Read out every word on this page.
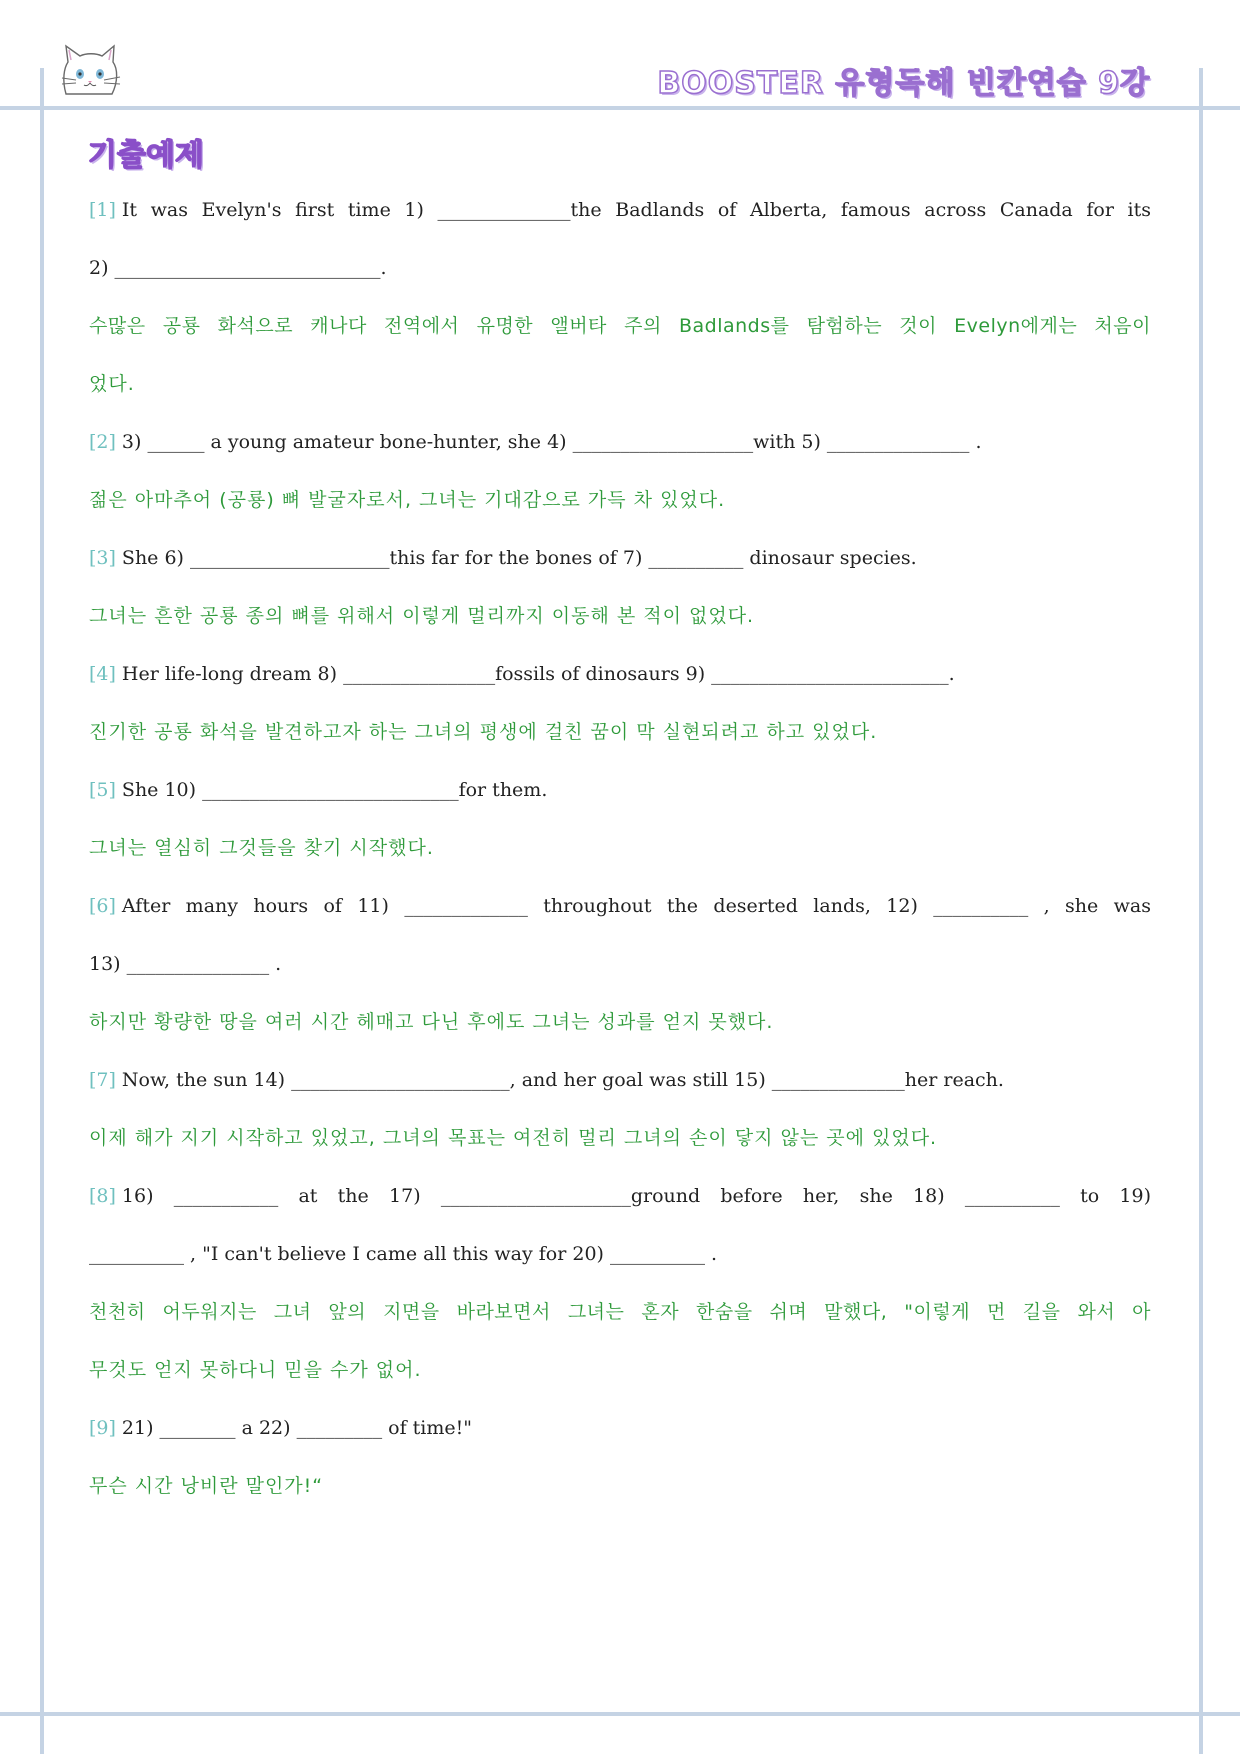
BOOSTER 유형독해 빈칸연습 9강
기출예제
[1] It was Evelyn's first time 1) ______________the Badlands of Alberta, famous across Canada for its
2) ____________________________.
수많은 공룡 화석으로 캐나다 전역에서 유명한 앨버타 주의 Badlands를 탐험하는 것이 Evelyn에게는 처음이
었다.
[2] 3) ______ a young amateur bone-hunter, she 4) ___________________with 5) _______________ .
젊은 아마추어 (공룡) 뼈 발굴자로서, 그녀는 기대감으로 가득 차 있었다.
[3] She 6) _____________________this far for the bones of 7) __________ dinosaur species.
그녀는 흔한 공룡 종의 뼈를 위해서 이렇게 멀리까지 이동해 본 적이 없었다.
[4] Her life-long dream 8) ________________fossils of dinosaurs 9) _________________________.
진기한 공룡 화석을 발견하고자 하는 그녀의 평생에 걸친 꿈이 막 실현되려고 하고 있었다.
[5] She 10) ___________________________for them.
그녀는 열심히 그것들을 찾기 시작했다.
[6] After many hours of 11) _____________ throughout the deserted lands, 12) __________ , she was
13) _______________ .
하지만 황량한 땅을 여러 시간 헤매고 다닌 후에도 그녀는 성과를 얻지 못했다.
[7] Now, the sun 14) _______________________, and her goal was still 15) ______________her reach.
이제 해가 지기 시작하고 있었고, 그녀의 목표는 여전히 멀리 그녀의 손이 닿지 않는 곳에 있었다.
[8] 16) ___________ at the 17) ____________________ground before her, she 18) __________ to 19)
__________ , "I can't believe I came all this way for 20) __________ .
천천히 어두워지는 그녀 앞의 지면을 바라보면서 그녀는 혼자 한숨을 쉬며 말했다, "이렇게 먼 길을 와서 아
무것도 얻지 못하다니 믿을 수가 없어.
[9] 21) ________ a 22) _________ of time!"
무슨 시간 낭비란 말인가!“
